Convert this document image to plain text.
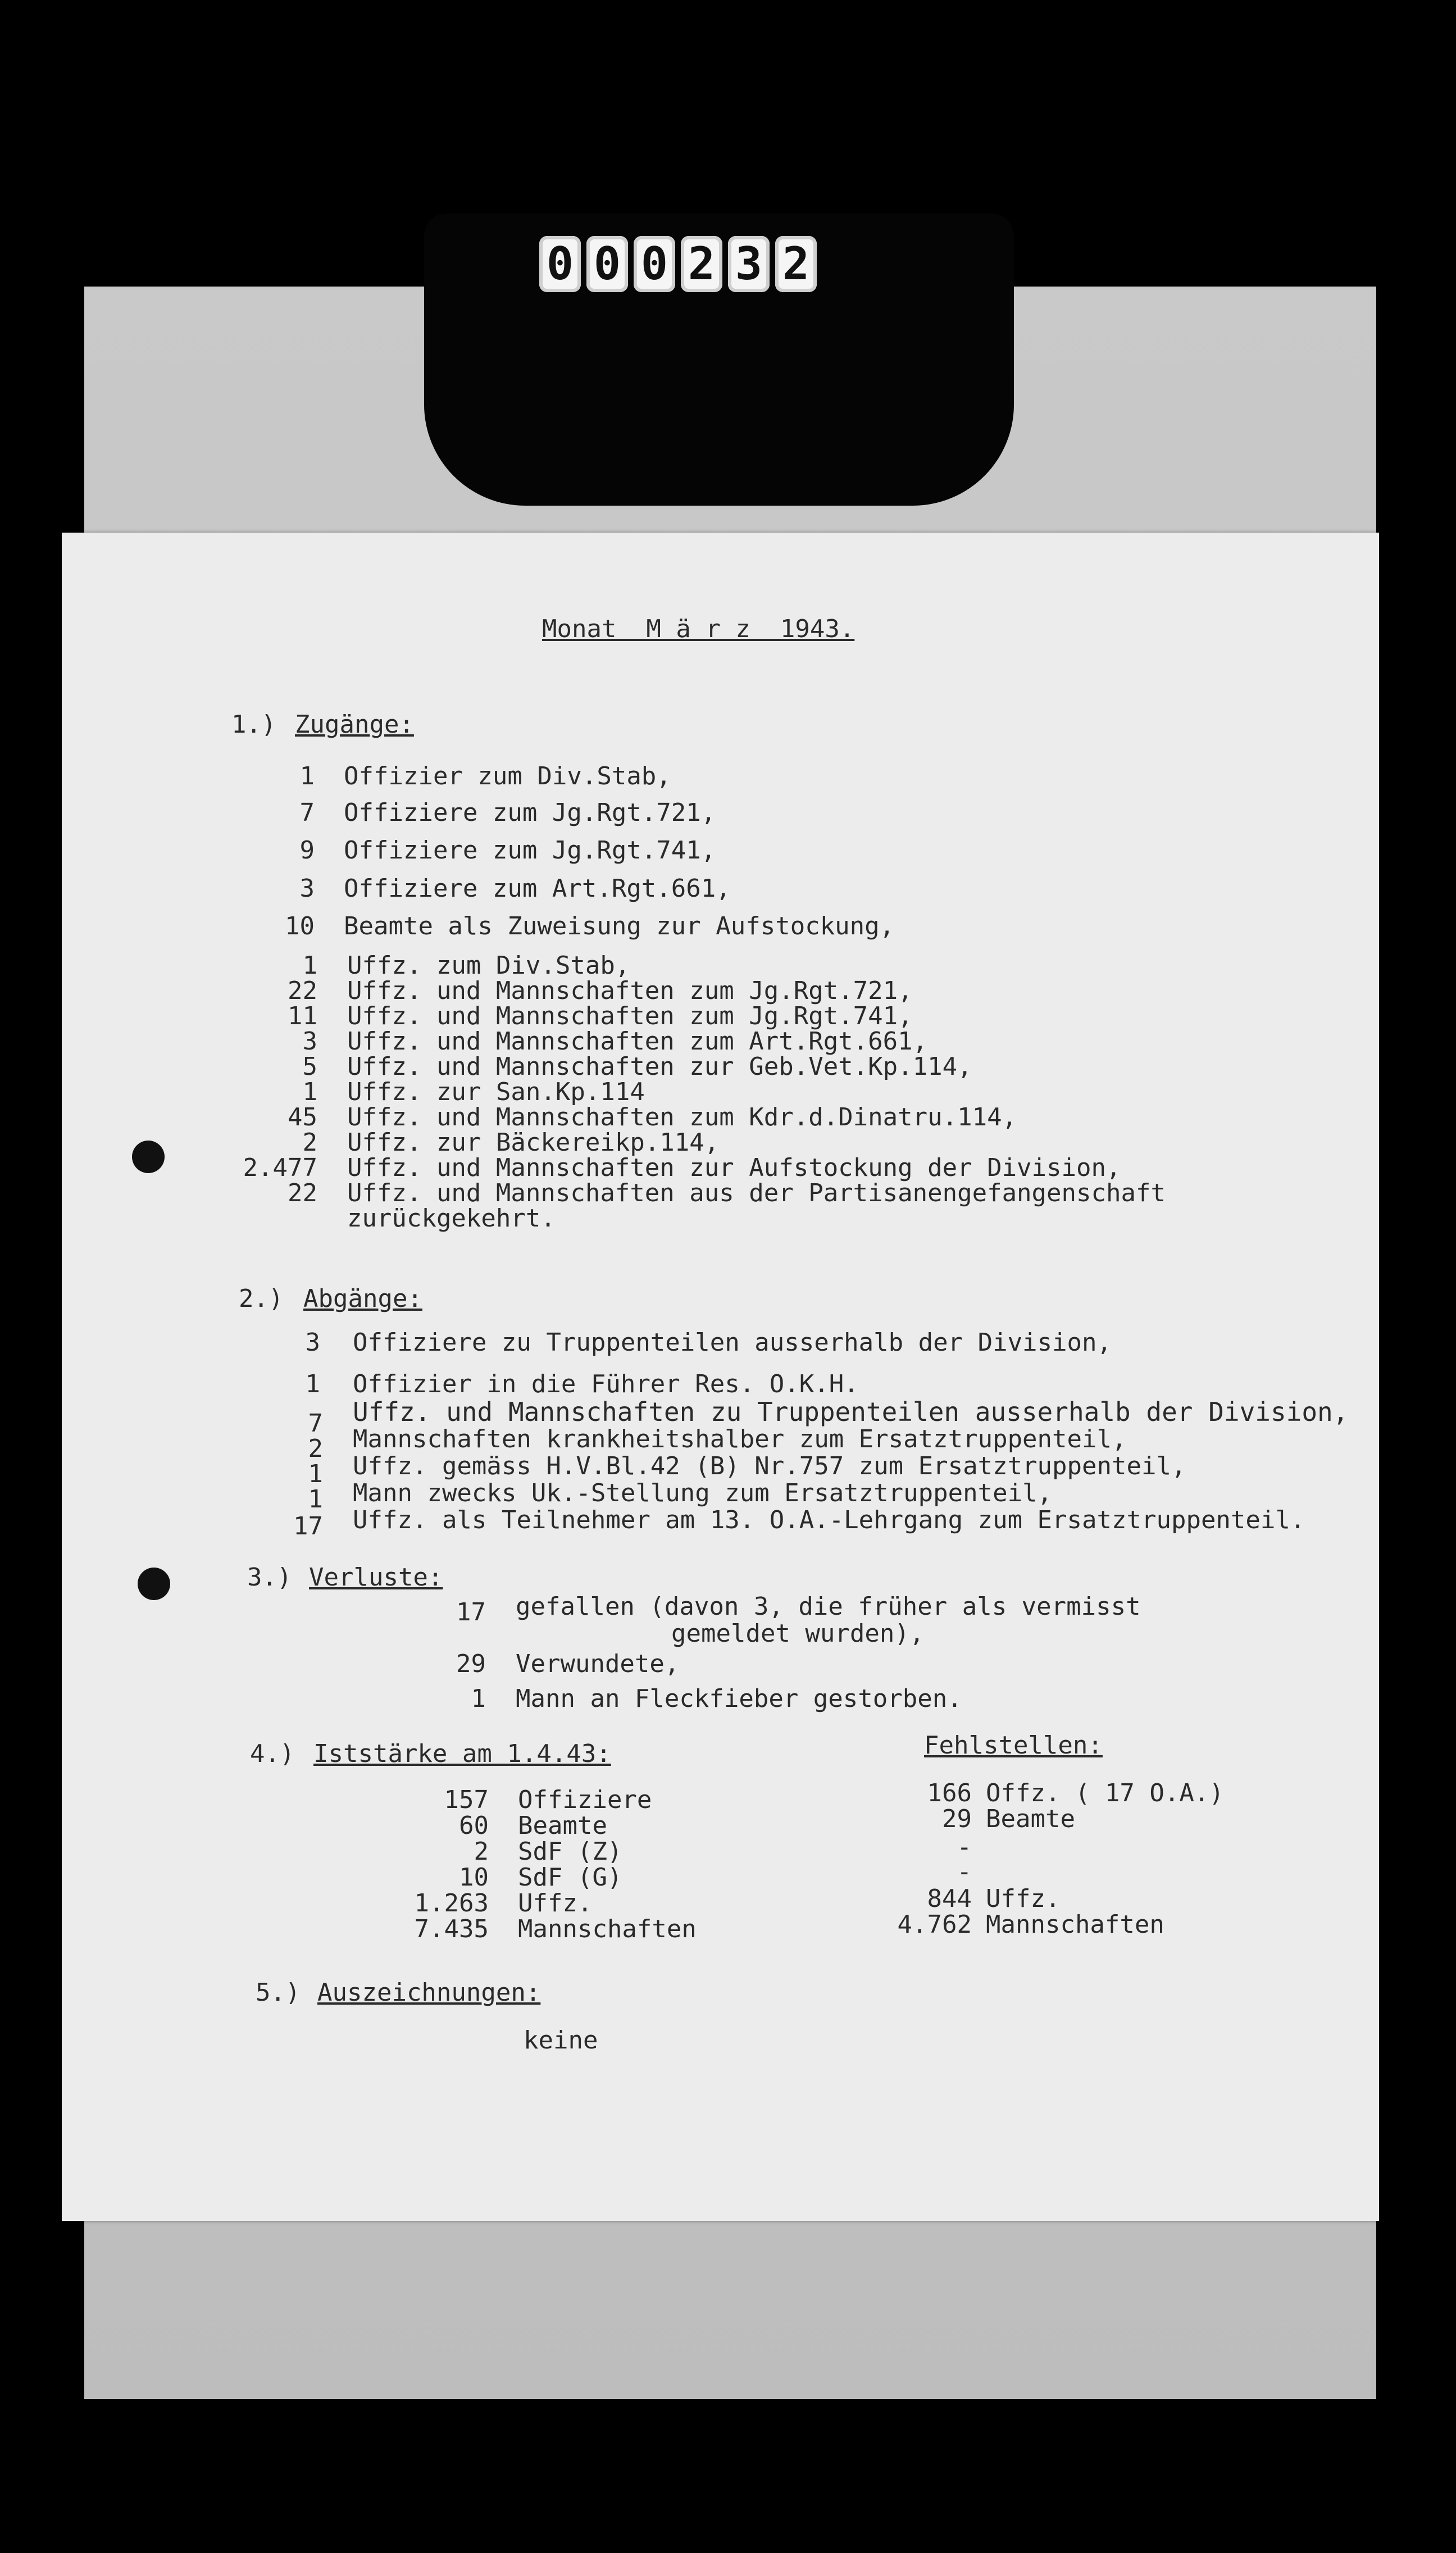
0 0 0 2 3 2
Monat  M ä r z  1943.
1.) Zugänge:
1 Offizier zum Div.Stab,
7 Offiziere zum Jg.Rgt.721,
9 Offiziere zum Jg.Rgt.741,
3 Offiziere zum Art.Rgt.661,
10 Beamte als Zuweisung zur Aufstockung,
1 Uffz. zum Div.Stab,
22 Uffz. und Mannschaften zum Jg.Rgt.721,
11 Uffz. und Mannschaften zum Jg.Rgt.741,
3 Uffz. und Mannschaften zum Art.Rgt.661,
5 Uffz. und Mannschaften zur Geb.Vet.Kp.114,
1 Uffz. zur San.Kp.114
45 Uffz. und Mannschaften zum Kdr.d.Dinatru.114,
2 Uffz. zur Bäckereikp.114,
2.477 Uffz. und Mannschaften zur Aufstockung der Division,
22 Uffz. und Mannschaften aus der Partisanengefangenschaft
zurückgekehrt.
2.) Abgänge:
3 Offiziere zu Truppenteilen ausserhalb der Division,
1 Offizier in die Führer Res. O.K.H.
7 Uffz. und Mannschaften zu Truppenteilen ausserhalb der Division,
2 Mannschaften krankheitshalber zum Ersatztruppenteil,
1 Uffz. gemäss H.V.Bl.42 (B) Nr.757 zum Ersatztruppenteil,
1 Mann zwecks Uk.-Stellung zum Ersatztruppenteil,
17 Uffz. als Teilnehmer am 13. O.A.-Lehrgang zum Ersatztruppenteil.
3.) Verluste:
17 gefallen (davon 3, die früher als vermisst
gemeldet wurden),
29 Verwundete,
1 Mann an Fleckfieber gestorben.
4.) Iststärke am 1.4.43:	Fehlstellen:
157 Offiziere
60 Beamte
2 SdF (Z)
10 SdF (G)
1.263 Uffz.
7.435 Mannschaften
166 Offz. ( 17 O.A.)
29 Beamte
-
-
844 Uffz.
4.762 Mannschaften
5.) Auszeichnungen:
keine
